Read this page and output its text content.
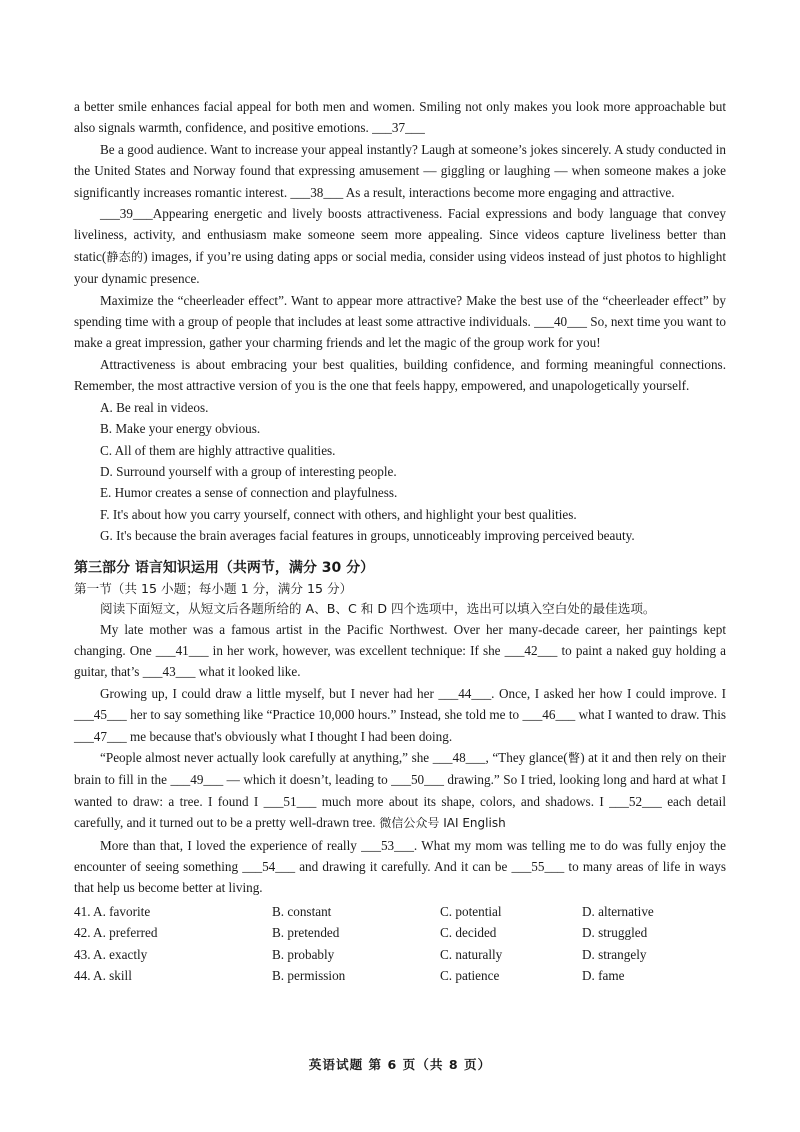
a better smile enhances facial appeal for both men and women. Smiling not only makes you look more approachable but also signals warmth, confidence, and positive emotions. ___37___

Be a good audience. Want to increase your appeal instantly? Laugh at someone’s jokes sincerely. A study conducted in the United States and Norway found that expressing amusement — giggling or laughing — when someone makes a joke significantly increases romantic interest. ___38___ As a result, interactions become more engaging and attractive.

___39___Appearing energetic and lively boosts attractiveness. Facial expressions and body language that convey liveliness, activity, and enthusiasm make someone seem more appealing. Since videos capture liveliness better than static(静态的) images, if you’re using dating apps or social media, consider using videos instead of just photos to highlight your dynamic presence.

Maximize the “cheerleader effect”. Want to appear more attractive? Make the best use of the “cheerleader effect” by spending time with a group of people that includes at least some attractive individuals. ___40___ So, next time you want to make a great impression, gather your charming friends and let the magic of the group work for you!

Attractiveness is about embracing your best qualities, building confidence, and forming meaningful connections. Remember, the most attractive version of you is the one that feels happy, empowered, and unapologetically yourself.

A. Be real in videos.

B. Make your energy obvious.

C. All of them are highly attractive qualities.

D. Surround yourself with a group of interesting people.

E. Humor creates a sense of connection and playfulness.

F. It's about how you carry yourself, connect with others, and highlight your best qualities.

G. It's because the brain averages facial features in groups, unnoticeably improving perceived beauty.

第三部分 语言知识运用（共两节，满分 30 分）
第一节（共 15 小题；每小题 1 分，满分 15 分）

阅读下面短文，从短文后各题所给的 A、B、C 和 D 四个选项中，选出可以填入空白处的最佳选项。

My late mother was a famous artist in the Pacific Northwest. Over her many-decade career, her paintings kept changing. One ___41___ in her work, however, was excellent technique: If she ___42___ to paint a naked guy holding a guitar, that’s ___43___ what it looked like.

Growing up, I could draw a little myself, but I never had her ___44___. Once, I asked her how I could improve. I ___45___ her to say something like “Practice 10,000 hours.” Instead, she told me to ___46___ what I wanted to draw. This ___47___ me because that's obviously what I thought I had been doing.

“People almost never actually look carefully at anything,” she ___48___, “They glance(瞥) at it and then rely on their brain to fill in the ___49___ — which it doesn’t, leading to ___50___ drawing.” So I tried, looking long and hard at what I wanted to draw: a tree. I found I ___51___ much more about its shape, colors, and shadows. I ___52___ each detail carefully, and it turned out to be a pretty well-drawn tree. 微信公众号 IAI English

More than that, I loved the experience of really ___53___. What my mom was telling me to do was fully enjoy the encounter of seeing something ___54___ and drawing it carefully. And it can be ___55___ to many areas of life in ways that help us become better at living.

41. A. favorite	B. constant	C. potential	D. alternative
42. A. preferred	B. pretended	C. decided	D. struggled
43. A. exactly	B. probably	C. naturally	D. strangely
44. A. skill	B. permission	C. patience	D. fame
英语试题 第 6 页（共 8 页）
